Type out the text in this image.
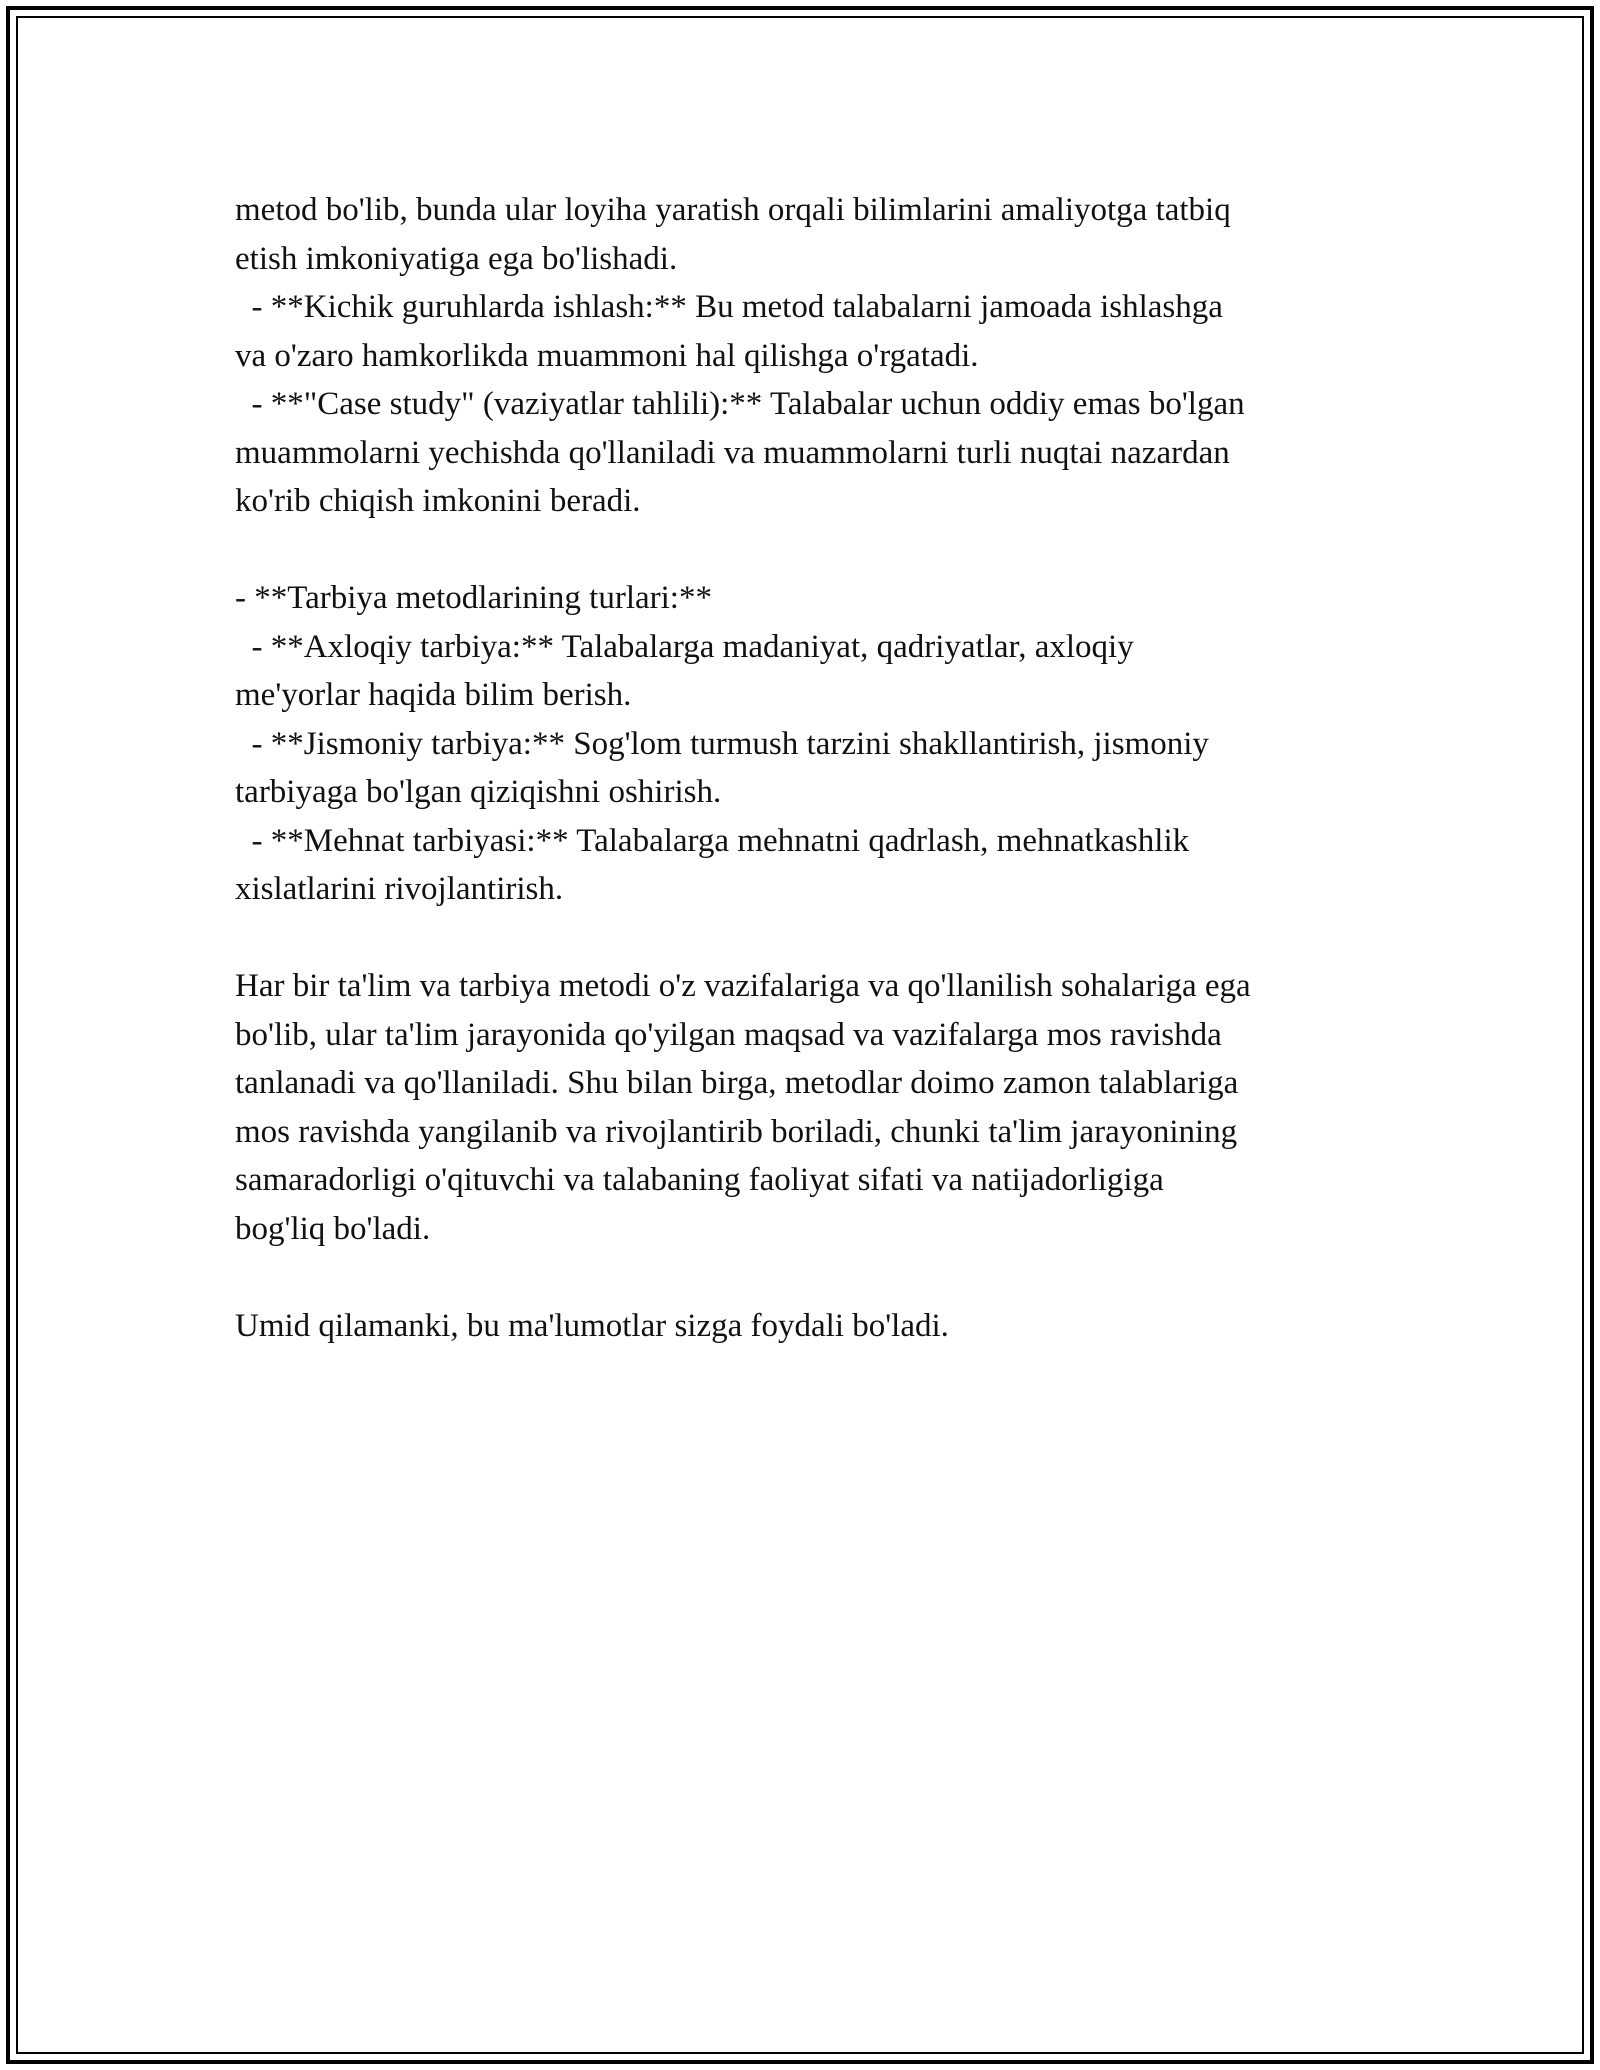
metod bo'lib, bunda ular loyiha yaratish orqali bilimlarini amaliyotga tatbiq
etish imkoniyatiga ega bo'lishadi.
- **Kichik guruhlarda ishlash:** Bu metod talabalarni jamoada ishlashga
va o'zaro hamkorlikda muammoni hal qilishga o'rgatadi.
- **"Case study" (vaziyatlar tahlili):** Talabalar uchun oddiy emas bo'lgan
muammolarni yechishda qo'llaniladi va muammolarni turli nuqtai nazardan
ko'rib chiqish imkonini beradi.
- **Tarbiya metodlarining turlari:**
- **Axloqiy tarbiya:** Talabalarga madaniyat, qadriyatlar, axloqiy
me'yorlar haqida bilim berish.
- **Jismoniy tarbiya:** Sog'lom turmush tarzini shakllantirish, jismoniy
tarbiyaga bo'lgan qiziqishni oshirish.
- **Mehnat tarbiyasi:** Talabalarga mehnatni qadrlash, mehnatkashlik
xislatlarini rivojlantirish.
Har bir ta'lim va tarbiya metodi o'z vazifalariga va qo'llanilish sohalariga ega
bo'lib, ular ta'lim jarayonida qo'yilgan maqsad va vazifalarga mos ravishda
tanlanadi va qo'llaniladi. Shu bilan birga, metodlar doimo zamon talablariga
mos ravishda yangilanib va rivojlantirib boriladi, chunki ta'lim jarayonining
samaradorligi o'qituvchi va talabaning faoliyat sifati va natijadorligiga
bog'liq bo'ladi.
Umid qilamanki, bu ma'lumotlar sizga foydali bo'ladi.
